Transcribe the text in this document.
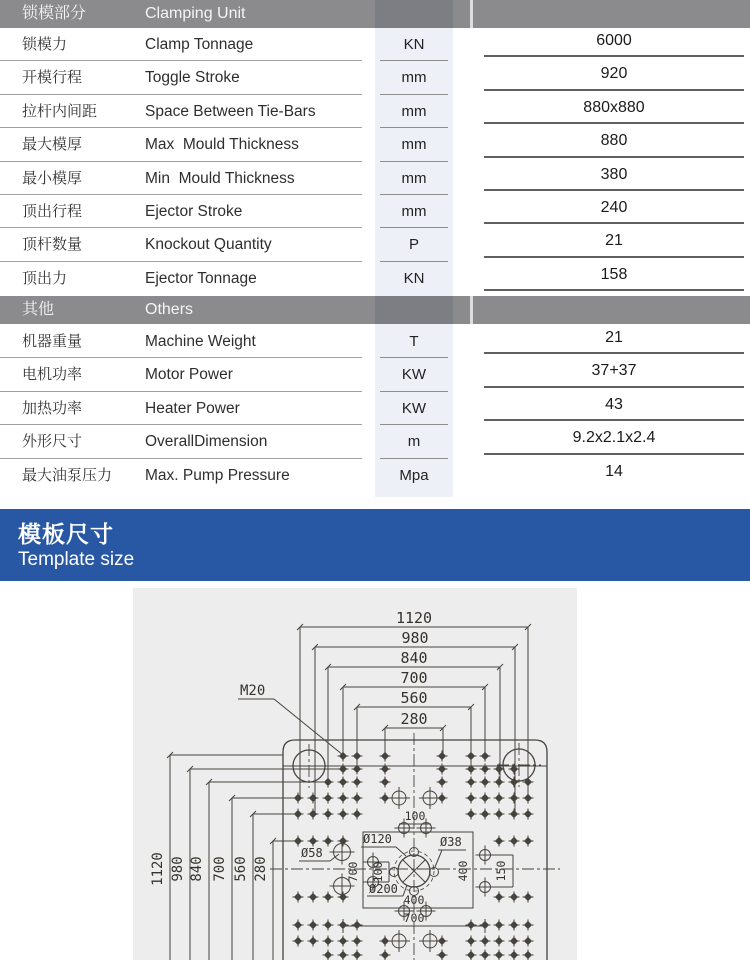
锁模部分	Clamping Unit
锁模力	Clamp Tonnage	KN	6000
开模行程	Toggle Stroke	mm	920
拉杆内间距	Space Between Tie-Bars	mm	880x880
最大模厚	Max  Mould Thickness	mm	880
最小模厚	Min  Mould Thickness	mm	380
顶出行程	Ejector Stroke	mm	240
顶杆数量	Knockout Quantity	P	21
顶出力	Ejector Tonnage	KN	158
其他	Others
机器重量	Machine Weight	T	21
电机功率	Motor Power	KW	37+37
加热功率	Heater Power	KW	43
外形尺寸	OverallDimension	m	9.2x2.1x2.4
最大油泵压力 Max. Pump Pressure	Mpa	14
模板尺寸
Template size
1120
980
840
700
560
280
1120 980 840 700 560 280
100
100
700	400 150
400
700
M20
Ø58
Ø120	Ø38
Ø200
